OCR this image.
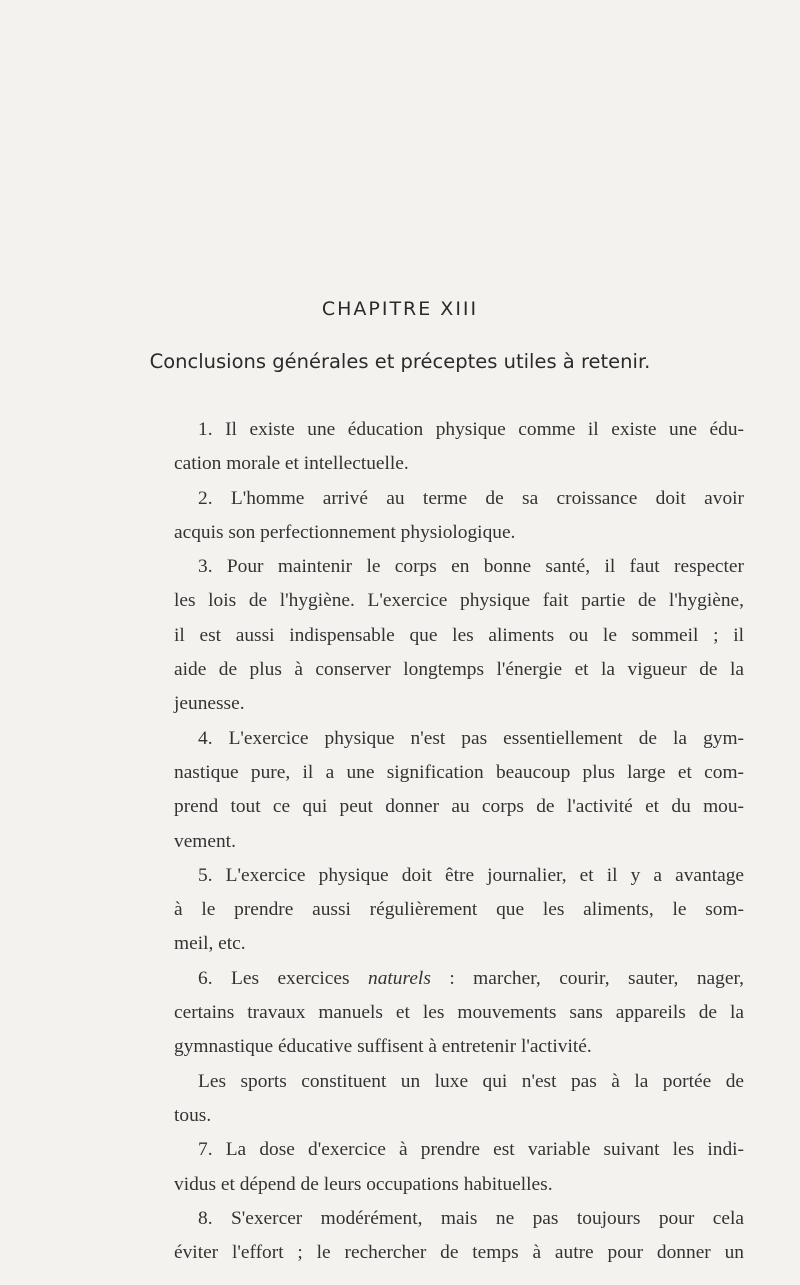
CHAPITRE XIII
Conclusions générales et préceptes utiles à retenir.
1. Il existe une éducation physique comme il existe une édu-
cation morale et intellectuelle.
2. L'homme arrivé au terme de sa croissance doit avoir
acquis son perfectionnement physiologique.
3. Pour maintenir le corps en bonne santé, il faut respecter
les lois de l'hygiène. L'exercice physique fait partie de l'hygiène,
il est aussi indispensable que les aliments ou le sommeil ; il
aide de plus à conserver longtemps l'énergie et la vigueur de la
jeunesse.
4. L'exercice physique n'est pas essentiellement de la gym-
nastique pure, il a une signification beaucoup plus large et com-
prend tout ce qui peut donner au corps de l'activité et du mou-
vement.
5. L'exercice physique doit être journalier, et il y a avantage
à le prendre aussi régulièrement que les aliments, le som-
meil, etc.
6. Les exercices naturels : marcher, courir, sauter, nager,
certains travaux manuels et les mouvements sans appareils de la
gymnastique éducative suffisent à entretenir l'activité.
Les sports constituent un luxe qui n'est pas à la portée de
tous.
7. La dose d'exercice à prendre est variable suivant les indi-
vidus et dépend de leurs occupations habituelles.
8. S'exercer modérément, mais ne pas toujours pour cela
éviter l'effort ; le rechercher de temps à autre pour donner un
